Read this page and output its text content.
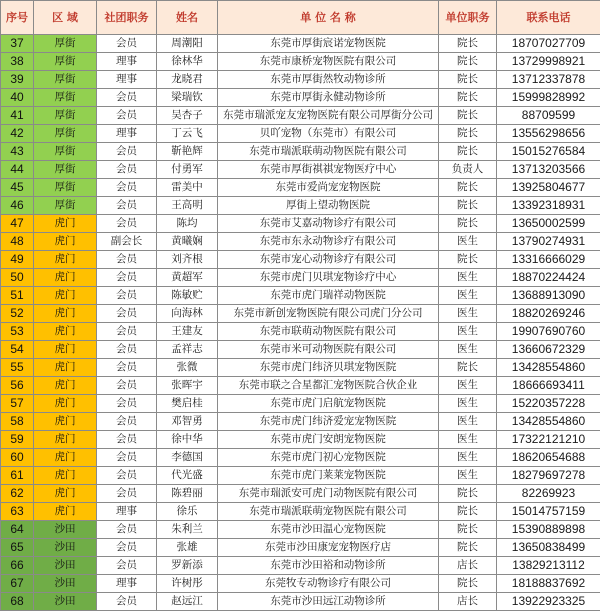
序号	区 域	社团职务	姓名	单 位 名 称	单位职务	联系电话
37	厚街	会员	周潮阳	东莞市厚街宸诺宠物医院	院长	18707027709
38	厚街	理事	徐林华	东莞市康桥宠物医院有限公司	院长	13729998921
39	厚街	理事	龙晓君	东莞市厚街然牧动物诊所	院长	13712337878
40	厚街	会员	梁瑞钦	东莞市厚街永健动物诊所	院长	15999828992
41	厚街	会员	吴杏子	东莞市瑞派宠友宠物医院有限公司厚街分公司	院长	88709599
42	厚街	理事	丁云飞	贝吖宠物（东莞市）有限公司	院长	13556298656
43	厚街	会员	靳艳辉	东莞市瑞派联萌动物医院有限公司	院长	15015276584
44	厚街	会员	付勇军	东莞市厚街祺祺宠物医疗中心	负责人	13713203566
45	厚街	会员	雷美中	东莞市爱尚宠宠物医院	院长	13925804677
46	厚街	会员	王高明	厚街上望动物医院	院长	13392318931
47	虎门	会员	陈均	东莞市艾嘉动物诊疗有限公司	院长	13650002599
48	虎门	副会长	黄曦娴	东莞市东永动物诊疗有限公司	医生	13790274931
49	虎门	会员	刘齐根	东莞市宠心动物诊疗有限公司	院长	13316666029
50	虎门	会员	黄超军	东莞市虎门贝琪宠物诊疗中心	医生	18870224424
51	虎门	会员	陈敏贮	东莞市虎门瑞祥动物医院	医生	13688913090
52	虎门	会员	向海林	东莞市新创宠物医院有限公司虎门分公司	医生	18820269246
53	虎门	会员	王建友	东莞市联萌动物医院有限公司	医生	19907690760
54	虎门	会员	孟祥志	东莞市米可动物医院有限公司	医生	13660672329
55	虎门	会员	张微	东莞市虎门纬济贝琪宠物医院	院长	13428554860
56	虎门	会员	张晖宇	东莞市联之合星都汇宠物医院合伙企业	医生	18666693411
57	虎门	会员	樊启桂	东莞市虎门启航宠物医院	医生	15220357228
58	虎门	会员	邓智勇	东莞市虎门纬济爱宠宠物医院	医生	13428554860
59	虎门	会员	徐中华	东莞市虎门安朗宠物医院	医生	17322121210
60	虎门	会员	李德国	东莞市虎门初心宠物医院	医生	18620654688
61	虎门	会员	代光盛	东莞市虎门莱莱宠物医院	医生	18279697278
62	虎门	会员	陈碧丽	东莞市瑞派安可虎门动物医院有限公司	院长	82269923
63	虎门	理事	徐乐	东莞市瑞派联萌宠物医院有限公司	院长	15014757159
64	沙田	会员	朱利兰	东莞市沙田温心宠物医院	院长	15390889898
65	沙田	会员	张雄	东莞市沙田康宠宠物医疗店	院长	13650838499
66	沙田	会员	罗新添	东莞市沙田裕和动物诊所	店长	13829213112
67	沙田	理事	许树彤	东莞牧专动物诊疗有限公司	院长	18188837692
68	沙田	会员	赵远江	东莞市沙田远江动物诊所	店长	13922923325
